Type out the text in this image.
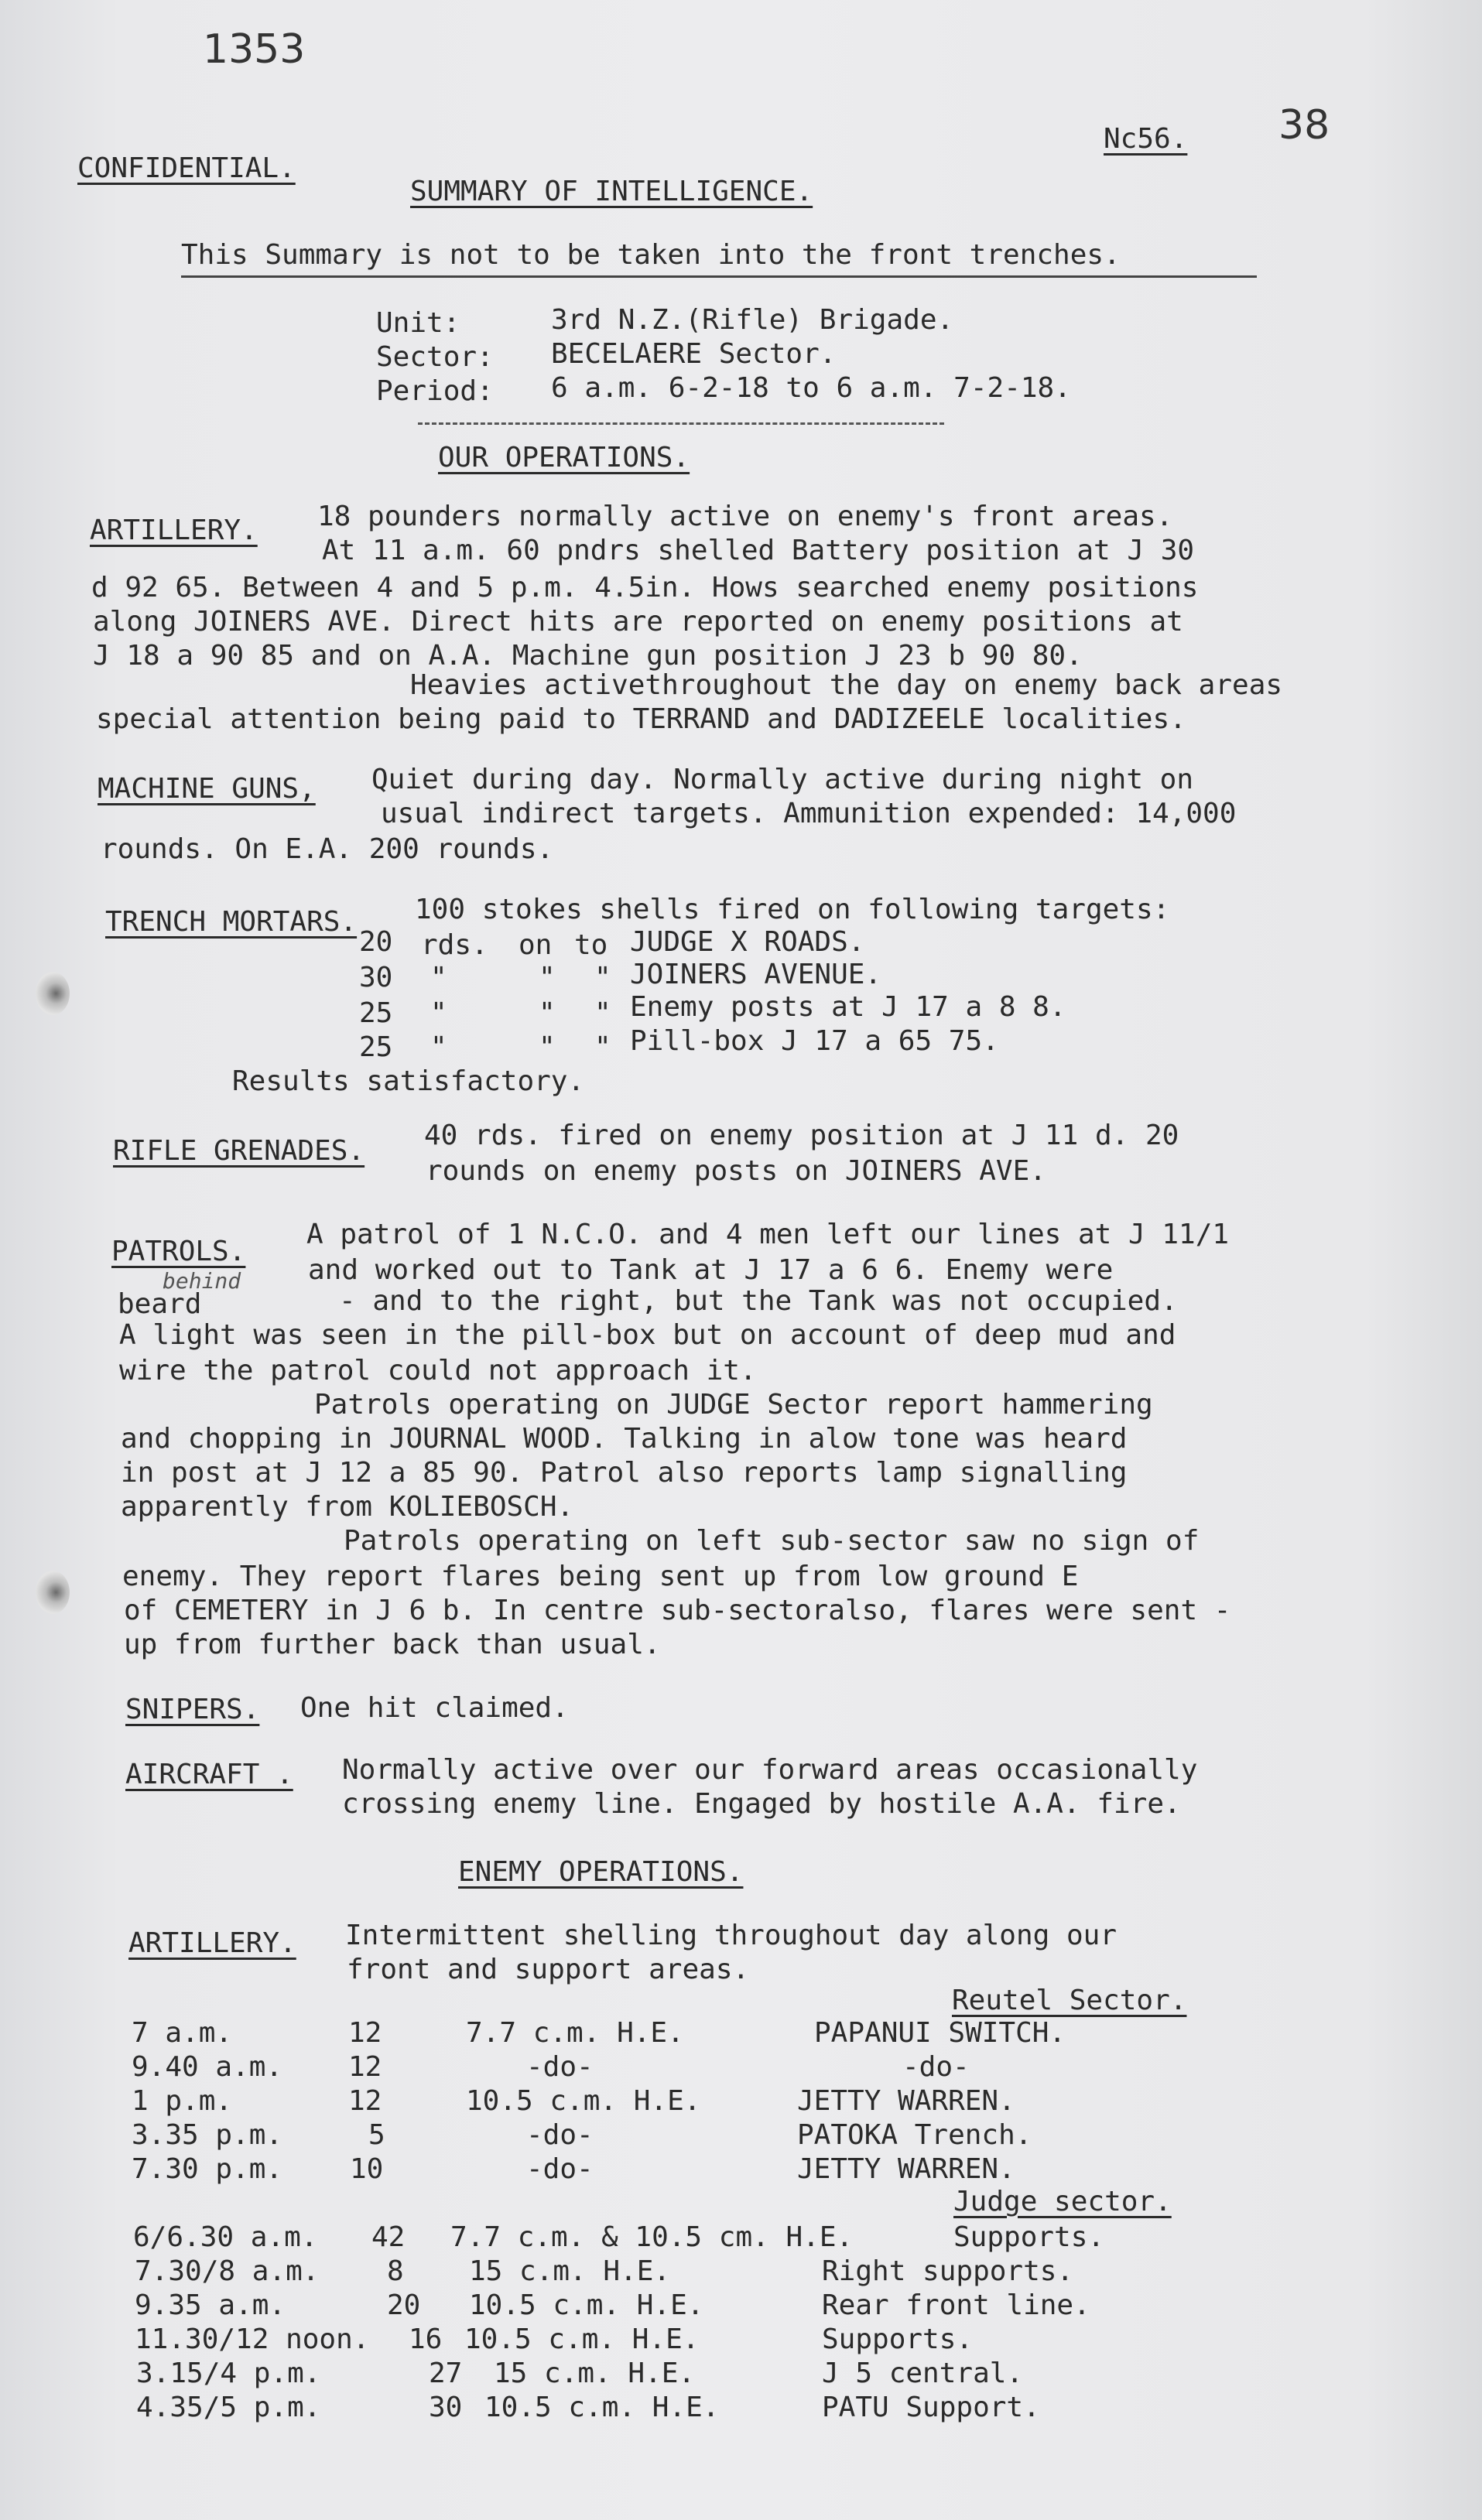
1353
Nc56. 38
CONFIDENTIAL.
SUMMARY OF INTELLIGENCE.
This Summary is not to be taken into the front trenches.
Unit:	3rd N.Z.(Rifle) Brigade.
Sector: BECELAERE Sector.
Period: 6 a.m. 6-2-18 to 6 a.m. 7-2-18.
OUR OPERATIONS.
ARTILLERY. 18 pounders normally active on enemy's front areas.
At 11 a.m. 60 pndrs shelled Battery position at J 30
d 92 65. Between 4 and 5 p.m. 4.5in. Hows searched enemy positions
along JOINERS AVE. Direct hits are reported on enemy positions at
J 18 a 90 85 and on A.A. Machine gun position J 23 b 90 80.
Heavies activethroughout the day on enemy back areas
special attention being paid to TERRAND and DADIZEELE localities.
MACHINE GUNS, Quiet during day. Normally active during night on
usual indirect targets. Ammunition expended: 14,000
rounds. On E.A. 200 rounds.
TRENCH MORTARS. 100 stokes shells fired on following targets:
20 rds. on to JUDGE X ROADS.
30 "	" " JOINERS AVENUE.
25 "	" " Enemy posts at J 17 a 8 8.
25 "	" " Pill-box J 17 a 65 75.
Results satisfactory.
RIFLE GRENADES. 40 rds. fired on enemy position at J 11 d. 20
rounds on enemy posts on JOINERS AVE.
PATROLS.
A patrol of 1 N.C.O. and 4 men left our lines at J 11/1
behind and worked out to Tank at J 17 a 6 6. Enemy were
beard	- and to the right, but the Tank was not occupied.
A light was seen in the pill-box but on account of deep mud and
wire the patrol could not approach it.
Patrols operating on JUDGE Sector report hammering
and chopping in JOURNAL WOOD. Talking in alow tone was heard
in post at J 12 a 85 90. Patrol also reports lamp signalling
apparently from KOLIEBOSCH.
Patrols operating on left sub-sector saw no sign of
enemy. They report flares being sent up from low ground E
of CEMETERY in J 6 b. In centre sub-sectoralso, flares were sent -
up from further back than usual.
SNIPERS. One hit claimed.
AIRCRAFT . Normally active over our forward areas occasionally
crossing enemy line. Engaged by hostile A.A. fire.
ENEMY OPERATIONS.
ARTILLERY. Intermittent shelling throughout day along our
front and support areas.
Reutel Sector.
7 a.m.	12	7.7 c.m. H.E.	PAPANUI SWITCH.
9.40 a.m. 12	-do-	-do-
1 p.m.	12	10.5 c.m. H.E.	JETTY WARREN.
3.35 p.m.	5	-do-	PATOKA Trench.
7.30 p.m. 10	-do-	JETTY WARREN.
Judge sector.
6/6.30 a.m. 42 7.7 c.m. & 10.5 cm. H.E.	Supports.
7.30/8 a.m. 8 15 c.m. H.E.	Right supports.
9.35 a.m.	20 10.5 c.m. H.E.	Rear front line.
11.30/12 noon. 16 10.5 c.m. H.E.	Supports.
3.15/4 p.m.	27 15 c.m. H.E.	J 5 central.
4.35/5 p.m.	30 10.5 c.m. H.E.	PATU Support.
